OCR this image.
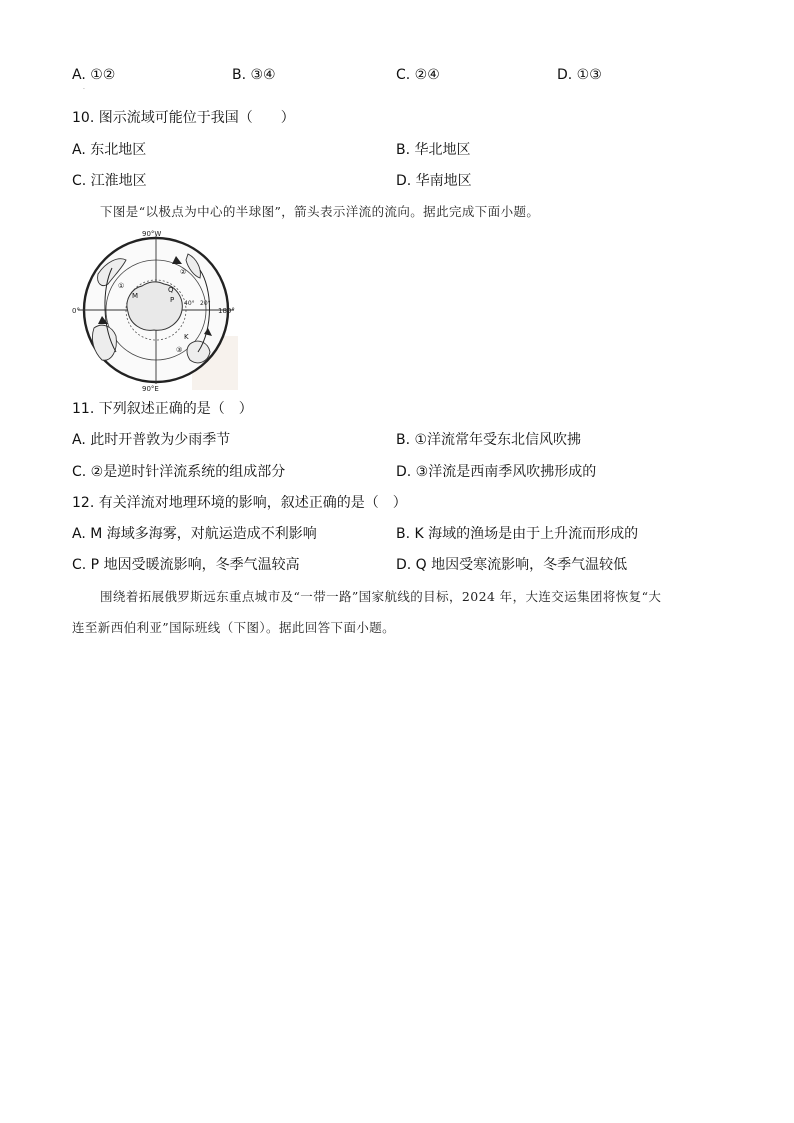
A. ①②	B. ③④	C. ②④	D. ①③
·
10. 图示流域可能位于我国（　　）
A. 东北地区	B. 华北地区
C. 江淮地区	D. 华南地区
下图是“以极点为中心的半球图”，箭头表示洋流的流向。据此完成下面小题。
90°W
90°E
0°	180°
20°
40°
K
Q
P
M
①
②
③
11. 下列叙述正确的是（　）
A. 此时开普敦为少雨季节	B. ①洋流常年受东北信风吹拂
C. ②是逆时针洋流系统的组成部分	D. ③洋流是西南季风吹拂形成的
12. 有关洋流对地理环境的影响，叙述正确的是（　）
A. M 海域多海雾，对航运造成不利影响	B. K 海域的渔场是由于上升流而形成的
C. P 地因受暖流影响，冬季气温较高	D. Q 地因受寒流影响，冬季气温较低
围绕着拓展俄罗斯远东重点城市及“一带一路”国家航线的目标，2024 年，大连交运集团将恢复“大
连至新西伯利亚”国际班线（下图）。据此回答下面小题。
